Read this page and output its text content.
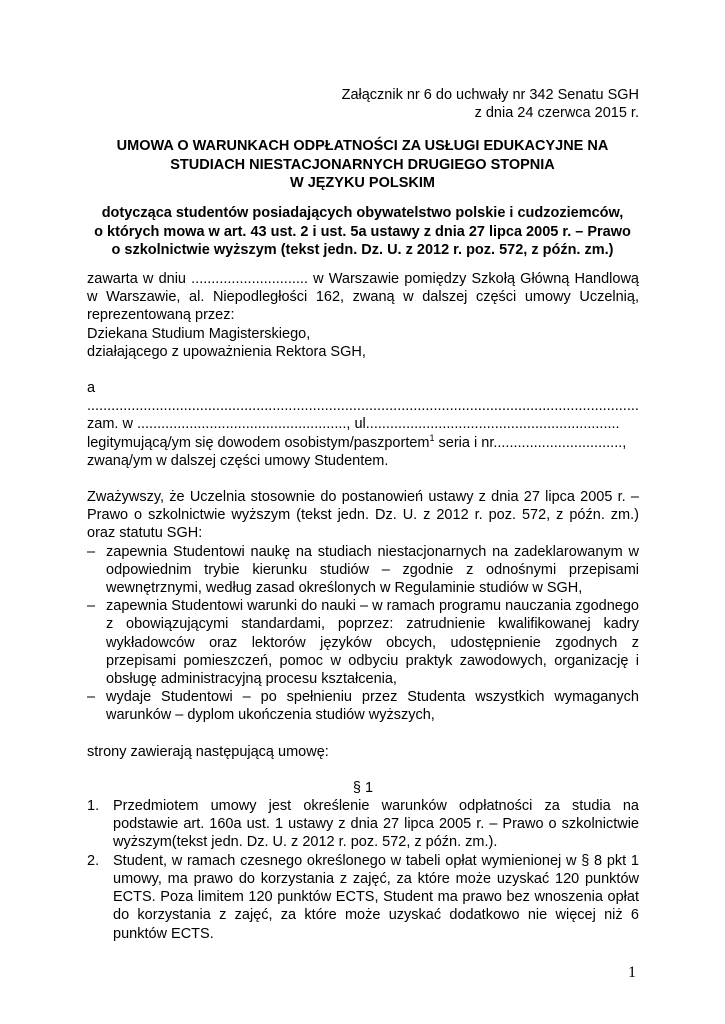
Załącznik nr 6 do uchwały nr 342 Senatu SGH
z dnia 24 czerwca 2015 r.
UMOWA O WARUNKACH ODPŁATNOŚCI ZA USŁUGI EDUKACYJNE NA
STUDIACH NIESTACJONARNYCH DRUGIEGO STOPNIA
W JĘZYKU POLSKIM
dotycząca studentów posiadających obywatelstwo polskie i cudzoziemców,
o których mowa w art. 43 ust. 2 i ust. 5a ustawy z dnia 27 lipca 2005 r. – Prawo
o szkolnictwie wyższym (tekst jedn. Dz. U. z 2012 r. poz. 572, z późn. zm.)

zawarta w dniu ............................. w Warszawie pomiędzy Szkołą Główną Handlową w Warszawie, al. Niepodległości 162, zwaną w dalszej części umowy Uczelnią, reprezentowaną przez:

Dziekana Studium Magisterskiego,

działającego z upoważnienia Rektora SGH,

a .........................................................................................................................................

zam. w ...................................................., ul...............................................................

legitymującą/ym się dowodem osobistym/paszportem$^1$ seria i nr................................,

zwaną/ym w dalszej części umowy Studentem.

Zważywszy, że Uczelnia stosownie do postanowień ustawy z dnia 27 lipca 2005 r. – Prawo o szkolnictwie wyższym (tekst jedn. Dz. U. z 2012 r. poz. 572, z późn. zm.) oraz statutu SGH:

– zapewnia Studentowi naukę na studiach niestacjonarnych na zadeklarowanym w odpowiednim trybie kierunku studiów – zgodnie z odnośnymi przepisami wewnętrznymi, według zasad określonych w Regulaminie studiów w SGH,
– zapewnia Studentowi warunki do nauki – w ramach programu nauczania zgodnego z obowiązującymi standardami, poprzez: zatrudnienie kwalifikowanej kadry wykładowców oraz lektorów języków obcych, udostępnienie zgodnych z przepisami pomieszczeń, pomoc w odbyciu praktyk zawodowych, organizację i obsługę administracyjną procesu kształcenia,
– wydaje Studentowi – po spełnieniu przez Studenta wszystkich wymaganych warunków – dyplom ukończenia studiów wyższych,

strony zawierają następującą umowę:

§ 1

1. Przedmiotem umowy jest określenie warunków odpłatności za studia na podstawie art. 160a ust. 1 ustawy z dnia 27 lipca 2005 r. – Prawo o szkolnictwie wyższym(tekst jedn. Dz. U. z 2012 r. poz. 572, z późn. zm.).
2. Student, w ramach czesnego określonego w tabeli opłat wymienionej w § 8 pkt 1 umowy, ma prawo do korzystania z zajęć, za które może uzyskać 120 punktów ECTS. Poza limitem 120 punktów ECTS, Student ma prawo bez wnoszenia opłat do korzystania z zajęć, za które może uzyskać dodatkowo nie więcej niż 6 punktów ECTS.
1
